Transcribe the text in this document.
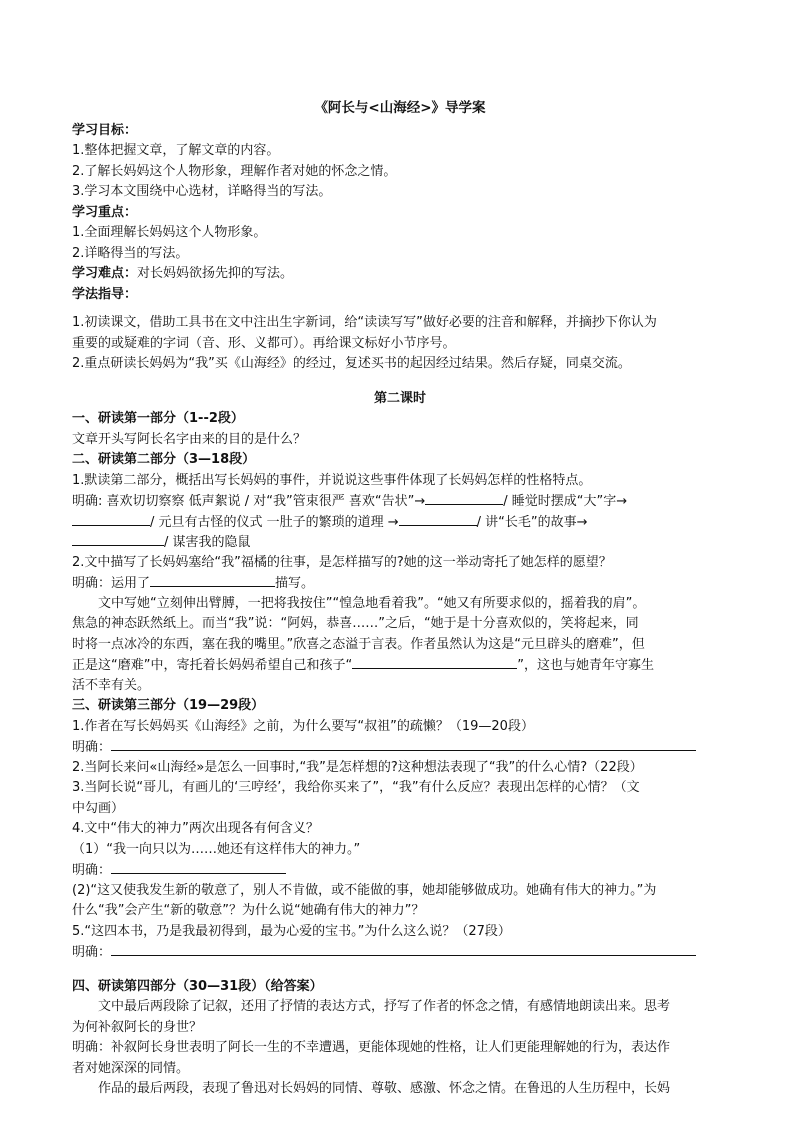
《阿长与<山海经>》导学案
学习目标：
1.整体把握文章，了解文章的内容。
2.了解长妈妈这个人物形象，理解作者对她的怀念之情。
3.学习本文围绕中心选材，详略得当的写法。
学习重点：
1.全面理解长妈妈这个人物形象。
2.详略得当的写法。
学习难点：对长妈妈欲扬先抑的写法。
学法指导：
1.初读课文，借助工具书在文中注出生字新词，给“读读写写”做好必要的注音和解释，并摘抄下你认为
重要的或疑难的字词（音、形、义都可）。再给课文标好小节序号。
2.重点研读长妈妈为“我”买《山海经》的经过，复述买书的起因经过结果。然后存疑，同桌交流。
第二课时
一、研读第一部分（1--2段）
文章开头写阿长名字由来的目的是什么？
二、研读第二部分（3—18段）
1.默读第二部分，概括出写长妈妈的事件，并说说这些事件体现了长妈妈怎样的性格特点。
明确: 喜欢切切察察 低声絮说 / 对“我”管束很严 喜欢“告状”→	/ 睡觉时摆成“大”字→
/ 元旦有古怪的仪式 一肚子的繁琐的道理 →	/ 讲“长毛”的故事→
/ 谋害我的隐鼠
2.文中描写了长妈妈塞给“我”福橘的往事，是怎样描写的?她的这一举动寄托了她怎样的愿望？
明确：运用了	描写。
文中写她“立刻伸出臂膊，一把将我按住”“惶急地看着我”。“她又有所要求似的，摇着我的肩”。
焦急的神态跃然纸上。而当“我”说：“阿妈，恭喜……”之后，“她于是十分喜欢似的，笑将起来，同
时将一点冰冷的东西，塞在我的嘴里。”欣喜之态溢于言表。作者虽然认为这是“元旦辟头的磨难”，但
正是这“磨难”中，寄托着长妈妈希望自己和孩子“	”，这也与她青年守寡生
活不幸有关。
三、研读第三部分（19—29段）
1.作者在写长妈妈买《山海经》之前，为什么要写“叔祖”的疏懒？（19—20段）
明确：
2.当阿长来问«山海经»是怎么一回事时,“我”是怎样想的?这种想法表现了“我”的什么心情?（22段）
3.当阿长说“哥儿，有画儿的‘三哼经’，我给你买来了”，“我”有什么反应？表现出怎样的心情？（文
中勾画）
4.文中“伟大的神力”两次出现各有何含义？
（1）“我一向只以为……她还有这样伟大的神力。”
明确：
(2)“这又使我发生新的敬意了，别人不肯做，或不能做的事，她却能够做成功。她确有伟大的神力。”为
什么“我”会产生“新的敬意”？为什么说“她确有伟大的神力”？
5.“这四本书，乃是我最初得到，最为心爱的宝书。”为什么这么说？（27段）
明确：
四、研读第四部分（30—31段）（给答案）
文中最后两段除了记叙，还用了抒情的表达方式，抒写了作者的怀念之情，有感情地朗读出来。思考
为何补叙阿长的身世？
明确：补叙阿长身世表明了阿长一生的不幸遭遇，更能体现她的性格，让人们更能理解她的行为，表达作
者对她深深的同情。
作品的最后两段，表现了鲁迅对长妈妈的同情、尊敬、感激、怀念之情。在鲁迅的人生历程中，长妈
